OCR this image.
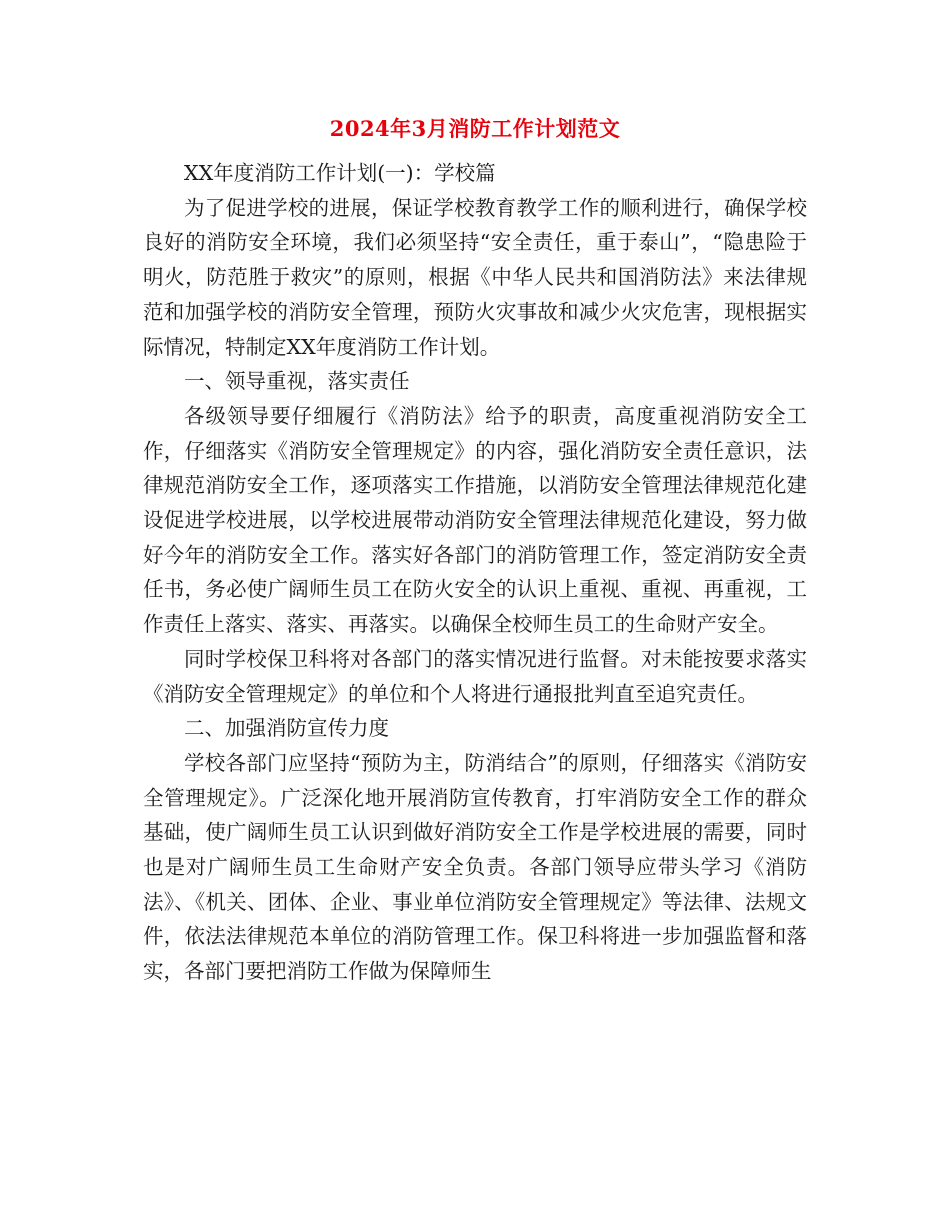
2024年3月消防工作计划范文

XX年度消防工作计划(一)：学校篇

为了促进学校的进展，保证学校教育教学工作的顺利进行，确保学校良好的消防安全环境，我们必须坚持“安全责任，重于泰山”，“隐患险于明火，防范胜于救灾”的原则，根据《中华人民共和国消防法》来法律规范和加强学校的消防安全管理，预防火灾事故和减少火灾危害，现根据实际情况，特制定XX年度消防工作计划。

一、领导重视，落实责任

各级领导要仔细履行《消防法》给予的职责，高度重视消防安全工作，仔细落实《消防安全管理规定》的内容，强化消防安全责任意识，法律规范消防安全工作，逐项落实工作措施，以消防安全管理法律规范化建设促进学校进展，以学校进展带动消防安全管理法律规范化建设，努力做好今年的消防安全工作。落实好各部门的消防管理工作，签定消防安全责任书，务必使广阔师生员工在防火安全的认识上重视、重视、再重视，工作责任上落实、落实、再落实。以确保全校师生员工的生命财产安全。

同时学校保卫科将对各部门的落实情况进行监督。对未能按要求落实《消防安全管理规定》的单位和个人将进行通报批判直至追究责任。

二、加强消防宣传力度

学校各部门应坚持“预防为主，防消结合”的原则，仔细落实《消防安全管理规定》。广泛深化地开展消防宣传教育，打牢消防安全工作的群众基础，使广阔师生员工认识到做好消防安全工作是学校进展的需要，同时也是对广阔师生员工生命财产安全负责。各部门领导应带头学习《消防法》、《机关、团体、企业、事业单位消防安全管理规定》等法律、法规文件，依法法律规范本单位的消防管理工作。保卫科将进一步加强监督和落实，各部门要把消防工作做为保障师生
